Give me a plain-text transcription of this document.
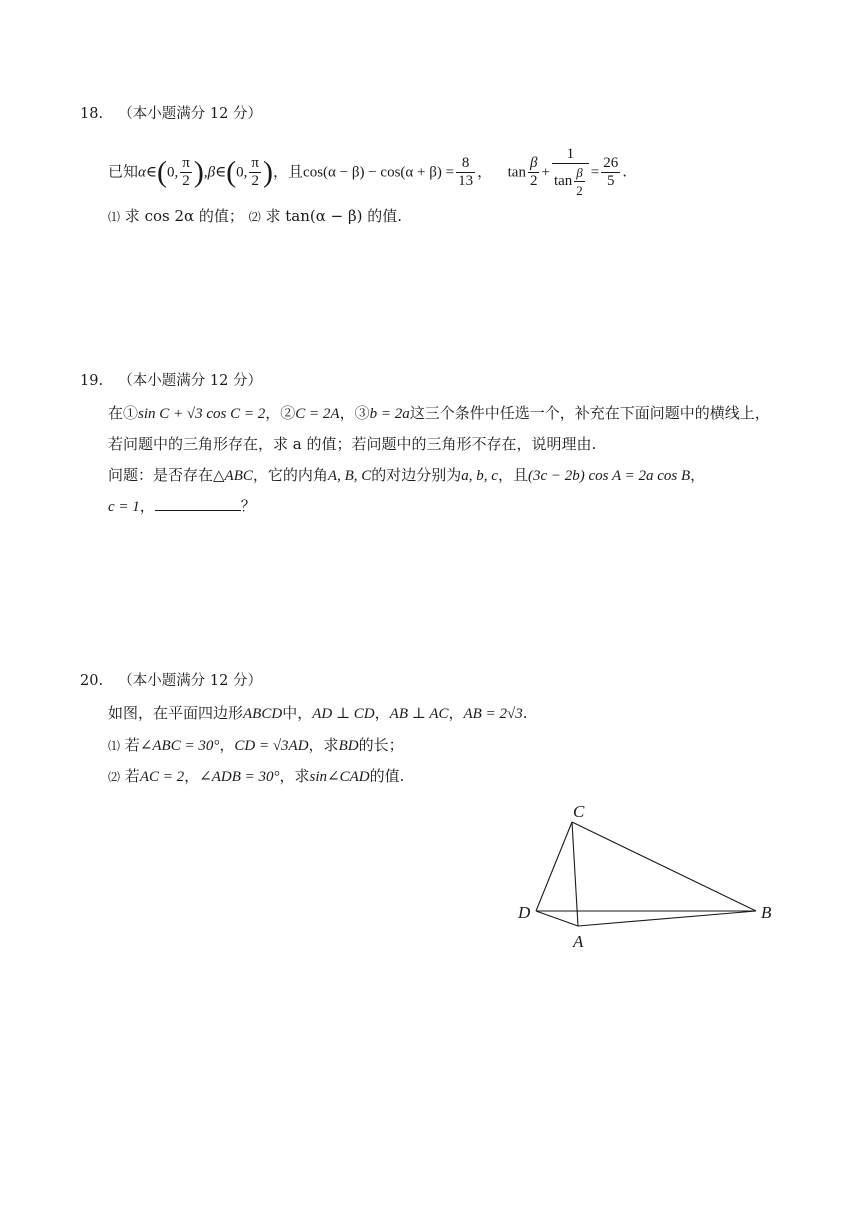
18. （本小题满分 12 分）
已知α∈(0, $\frac{\pi}{2}$ ),β∈(0, $\frac{\pi}{2}$ )，且$\cos(\alpha - \beta) - \cos(\alpha + \beta) = \frac{8}{13}$ ，  $\tan \frac{\beta}{2} + \frac{1}{\tan \frac{\beta}{2}} = \frac{26}{5}$ .
⑴ 求 cos 2α 的值； ⑵ 求 tan(α − β) 的值.
19. （本小题满分 12 分）
在①sin C + √3 cos C = 2，②C = 2A，③b = 2a这三个条件中任选一个，补充在下面问题中的横线上，
若问题中的三角形存在，求 a 的值；若问题中的三角形不存在，说明理由.
问题：是否存在△ABC，它的内角A, B, C的对边分别为a, b, c，且(3c − 2b) cos A = 2a cos B，
c = 1，	？
20. （本小题满分 12 分）
如图，在平面四边形ABCD中，AD ⊥ CD，AB ⊥ AC，AB = 2√3.
⑴ 若∠ABC = 30°，CD = √3AD，求BD的长；
⑵ 若AC = 2，∠ADB = 30°，求sin∠CAD的值.
C
D
A
B
